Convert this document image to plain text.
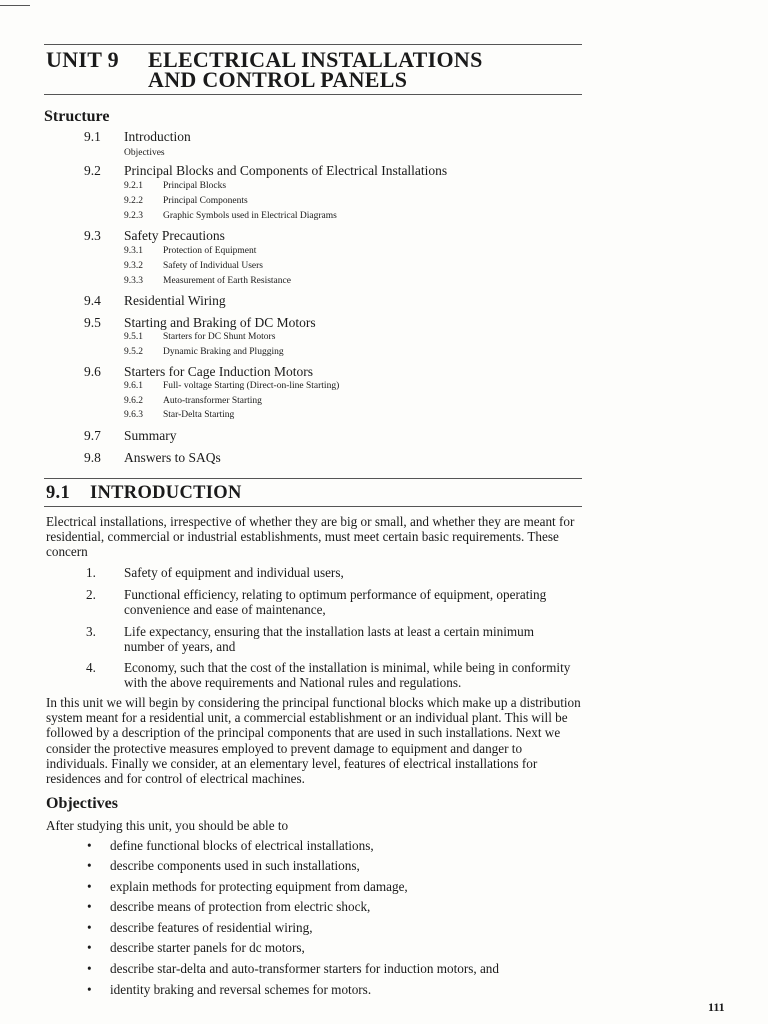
UNIT 9 ELECTRICAL INSTALLATIONS
AND CONTROL PANELS
Structure
9.1 Introduction
Objectives
9.2 Principal Blocks and Components of Electrical Installations
9.2.1 Principal Blocks
9.2.2 Principal Components
9.2.3 Graphic Symbols used in Electrical Diagrams
9.3 Safety Precautions
9.3.1 Protection of Equipment
9.3.2 Safety of Individual Users
9.3.3 Measurement of Earth Resistance
9.4 Residential Wiring
9.5 Starting and Braking of DC Motors
9.5.1 Starters for DC Shunt Motors
9.5.2 Dynamic Braking and Plugging
9.6 Starters for Cage Induction Motors
9.6.1 Full- voltage Starting (Direct-on-line Starting)
9.6.2 Auto-transformer Starting
9.6.3 Star-Delta Starting
9.7 Summary
9.8 Answers to SAQs
9.1 INTRODUCTION
Electrical installations, irrespective of whether they are big or small, and whether they are meant for residential, commercial or industrial establishments, must meet certain basic requirements. These concern
1. Safety of equipment and individual users,
2. Functional efficiency, relating to optimum performance of equipment, operating convenience and ease of maintenance,
3. Life expectancy, ensuring that the installation lasts at least a certain minimum number of years, and
4. Economy, such that the cost of the installation is minimal, while being in conformity with the above requirements and National rules and regulations.
In this unit we will begin by considering the principal functional blocks which make up a distribution system meant for a residential unit, a commercial establishment or an individual plant. This will be followed by a description of the principal components that are used in such installations. Next we consider the protective measures employed to prevent damage to equipment and danger to individuals. Finally we consider, at an elementary level, features of electrical installations for residences and for control of electrical machines.
Objectives
After studying this unit, you should be able to
• define functional blocks of electrical installations,
• describe components used in such installations,
• explain methods for protecting equipment from damage,
• describe means of protection from electric shock,
• describe features of residential wiring,
• describe starter panels for dc motors,
• describe star-delta and auto-transformer starters for induction motors, and
• identity braking and reversal schemes for motors.
111
